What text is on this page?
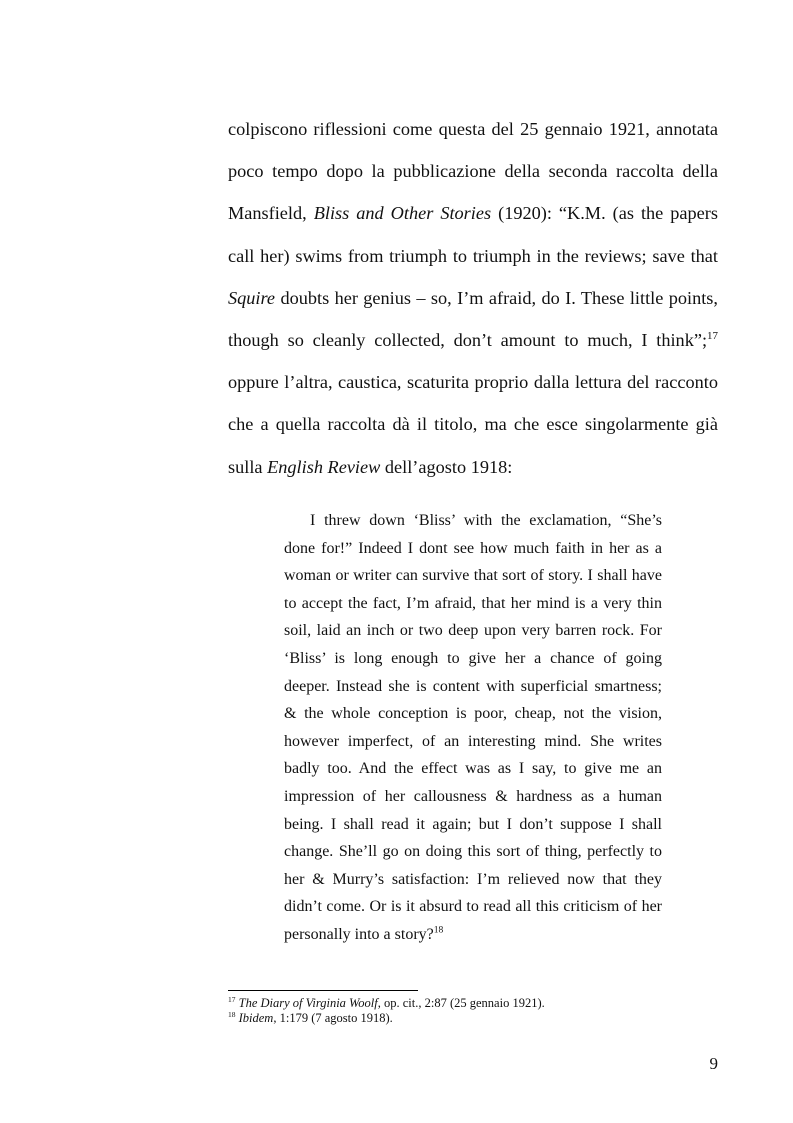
colpiscono riflessioni come questa del 25 gennaio 1921, annotata poco tempo dopo la pubblicazione della seconda raccolta della Mansfield, Bliss and Other Stories (1920): “K.M. (as the papers call her) swims from triumph to triumph in the reviews; save that Squire doubts her genius – so, I’m afraid, do I. These little points, though so cleanly collected, don’t amount to much, I think”;$^{17}$ oppure l’altra, caustica, scaturita proprio dalla lettura del racconto che a quella raccolta dà il titolo, ma che esce singolarmente già sulla English Review dell’agosto 1918:

I threw down ‘Bliss’ with the exclamation, “She’s done for!” Indeed I dont see how much faith in her as a woman or writer can survive that sort of story. I shall have to accept the fact, I’m afraid, that her mind is a very thin soil, laid an inch or two deep upon very barren rock. For ‘Bliss’ is long enough to give her a chance of going deeper. Instead she is content with superficial smartness; & the whole conception is poor, cheap, not the vision, however imperfect, of an interesting mind. She writes badly too. And the effect was as I say, to give me an impression of her callousness & hardness as a human being. I shall read it again; but I don’t suppose I shall change. She’ll go on doing this sort of thing, perfectly to her & Murry’s satisfaction: I’m relieved now that they didn’t come. Or is it absurd to read all this criticism of her personally into a story?$^{18}$

$^{17}$ The Diary of Virginia Woolf, op. cit., 2:87 (25 gennaio 1921).
$^{18}$ Ibidem, 1:179 (7 agosto 1918).
9
